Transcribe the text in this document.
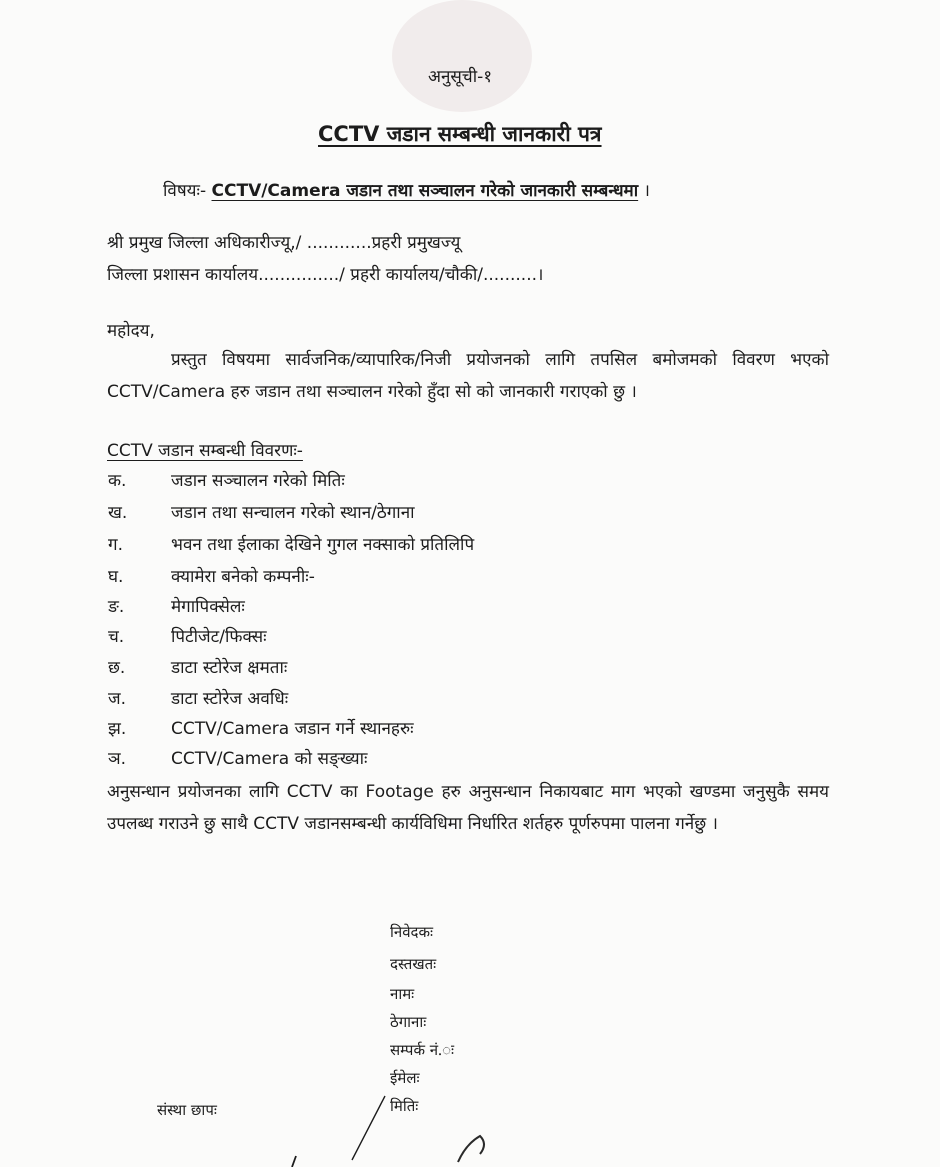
अनुसूची-१
CCTV जडान सम्बन्धी जानकारी पत्र
विषयः- CCTV/Camera जडान तथा सञ्चालन गरेको जानकारी सम्बन्धमा ।
श्री प्रमुख जिल्ला अधिकारीज्यू,/ ............प्रहरी प्रमुखज्यू
जिल्ला प्रशासन कार्यालय.............../ प्रहरी कार्यालय/चौकी/..........।
महोदय,
प्रस्तुत विषयमा सार्वजनिक/व्यापारिक/निजी प्रयोजनको लागि तपसिल बमोजमको विवरण भएको CCTV/Camera हरु जडान तथा सञ्चालन गरेको हुँदा सो को जानकारी गराएको छु ।
CCTV जडान सम्बन्धी विवरणः-
क.	जडान सञ्चालन गरेको मितिः
ख.	जडान तथा सन्चालन गरेको स्थान/ठेगाना
ग.	भवन तथा ईलाका देखिने गुगल नक्साको प्रतिलिपि
घ.	क्यामेरा बनेको कम्पनीः-
ङ.	मेगापिक्सेलः
च.	पिटीजेट/फिक्सः
छ.	डाटा स्टोरेज क्षमताः
ज.	डाटा स्टोरेज अवधिः
झ.	CCTV/Camera जडान गर्ने स्थानहरुः
ञ.	CCTV/Camera को सङ्ख्याः
अनुसन्धान प्रयोजनका लागि CCTV का Footage हरु अनुसन्धान निकायबाट माग भएको खण्डमा जनुसुकै समय उपलब्ध गराउने छु साथै CCTV जडानसम्बन्धी कार्यविधिमा निर्धारित शर्तहरु पूर्णरुपमा पालना गर्नेछु ।
निवेदकः
दस्तखतः
नामः
ठेगानाः
सम्पर्क नं.ः
ईमेलः
मितिः
संस्था छापः
